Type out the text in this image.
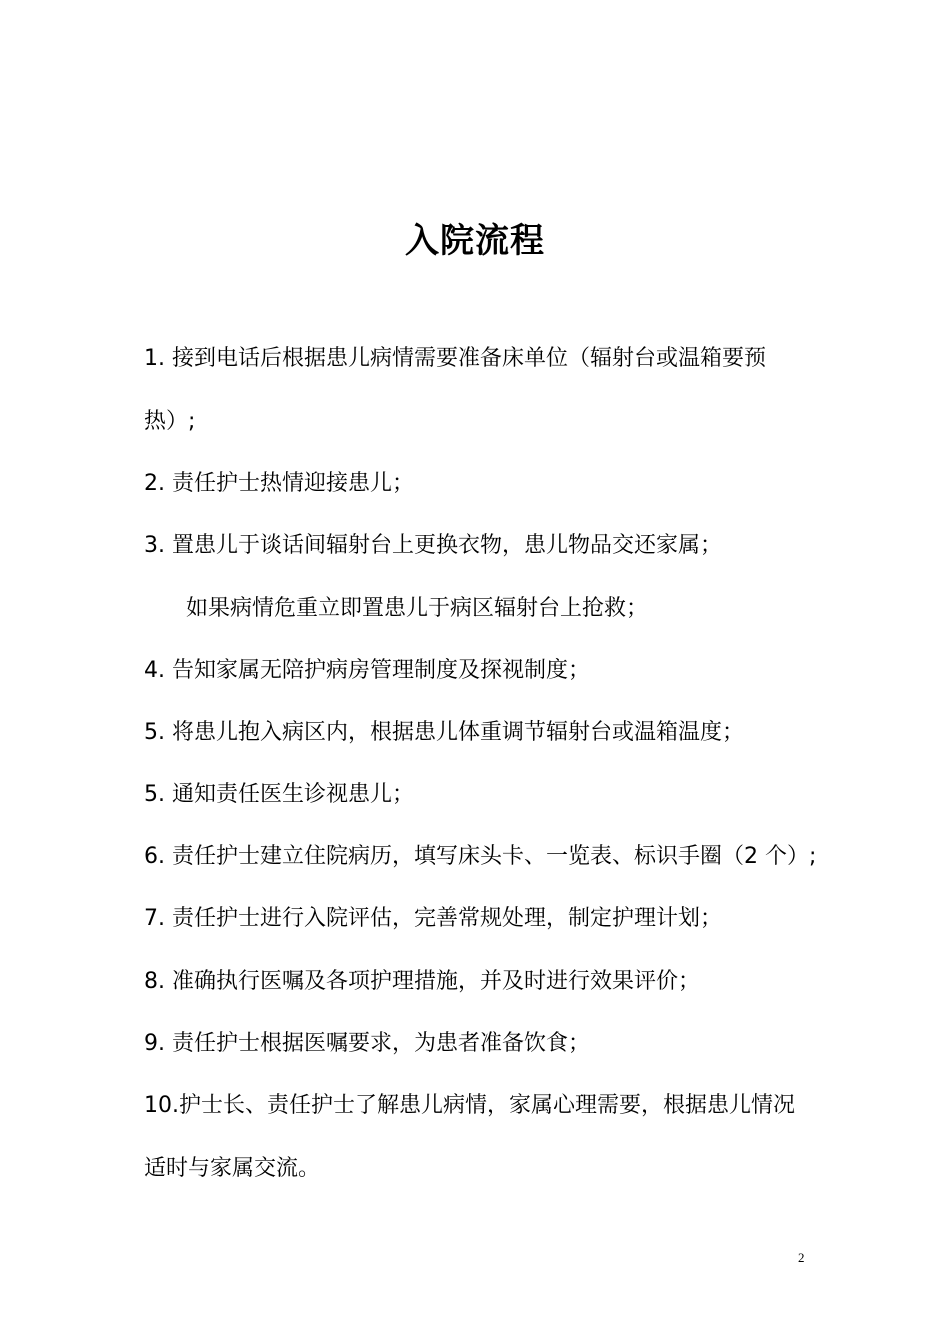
入院流程
1. 接到电话后根据患儿病情需要准备床单位（辐射台或温箱要预
热）;
2. 责任护士热情迎接患儿；
3. 置患儿于谈话间辐射台上更换衣物，患儿物品交还家属；
如果病情危重立即置患儿于病区辐射台上抢救；
4. 告知家属无陪护病房管理制度及探视制度；
5. 将患儿抱入病区内，根据患儿体重调节辐射台或温箱温度；
5. 通知责任医生诊视患儿；
6. 责任护士建立住院病历，填写床头卡、一览表、标识手圈（2 个）;
7. 责任护士进行入院评估，完善常规处理，制定护理计划；
8. 准确执行医嘱及各项护理措施，并及时进行效果评价；
9. 责任护士根据医嘱要求，为患者准备饮食；
10.护士长、责任护士了解患儿病情，家属心理需要，根据患儿情况
适时与家属交流。
2
